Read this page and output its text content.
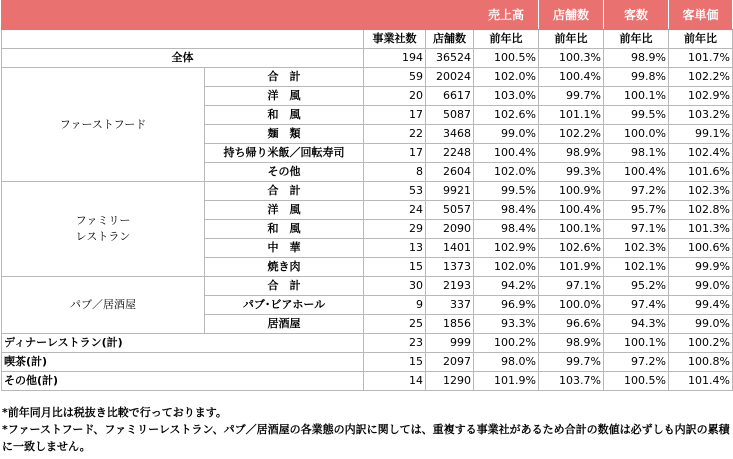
				売上高	店舗数	客数	客単価
		事業社数	店舗数	前年比	前年比	前年比	前年比
全体		194	36524	100.5%	100.3%	98.9%	101.7%
ファーストフード	合　計	59	20024	102.0%	100.4%	99.8%	102.2%
	洋　風	20	6617	103.0%	99.7%	100.1%	102.9%
	和　風	17	5087	102.6%	101.1%	99.5%	103.2%
	麺　類	22	3468	99.0%	102.2%	100.0%	99.1%
	持ち帰り米飯／回転寿司	17	2248	100.4%	98.9%	98.1%	102.4%
	その他	8	2604	102.0%	99.3%	100.4%	101.6%
ファミリー
レストラン	合　計	53	9921	99.5%	100.9%	97.2%	102.3%
	洋　風	24	5057	98.4%	100.4%	95.7%	102.8%
	和　風	29	2090	98.4%	100.1%	97.1%	101.3%
	中　華	13	1401	102.9%	102.6%	102.3%	100.6%
	焼き肉	15	1373	102.0%	101.9%	102.1%	99.9%
パブ／居酒屋	合　計	30	2193	94.2%	97.1%	95.2%	99.0%
	パブ･ビアホール	9	337	96.9%	100.0%	97.4%	99.4%
	居酒屋	25	1856	93.3%	96.6%	94.3%	99.0%
ディナーレストラン(計)		23	999	100.2%	98.9%	100.1%	100.2%
喫茶(計)		15	2097	98.0%	99.7%	97.2%	100.8%
その他(計)		14	1290	101.9%	103.7%	100.5%	101.4%

*前年同月比は税抜き比較で行っております。

*ファーストフード、ファミリーレストラン、パブ／居酒屋の各業態の内訳に関しては、重複する事業社があるため合計の数値は必ずしも内訳の累積に一致しません。
